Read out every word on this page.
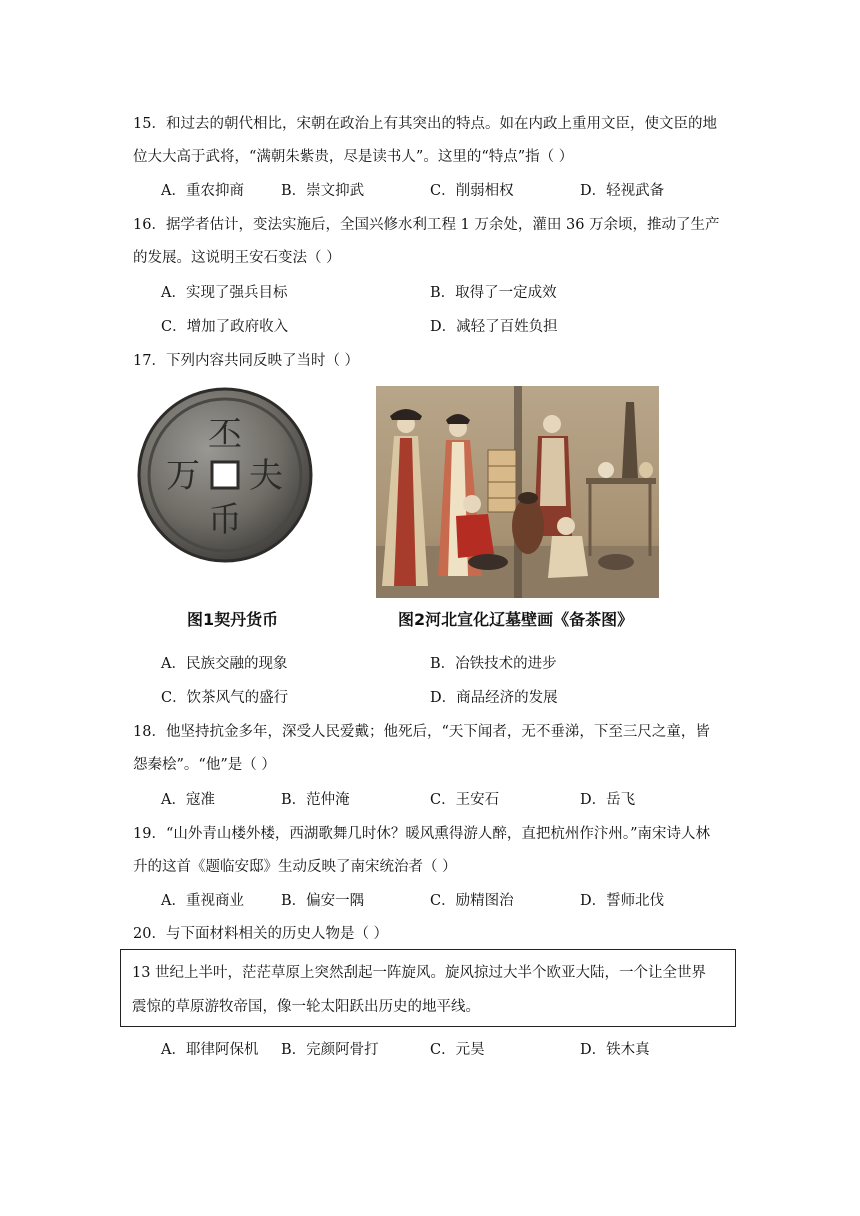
15．和过去的朝代相比，宋朝在政治上有其突出的特点。如在内政上重用文臣，使文臣的地
位大大高于武将，“满朝朱紫贵，尽是读书人”。这里的“特点”指（ ）
A．重农抑商	B．崇文抑武	C．削弱相权	D．轻视武备
16．据学者估计，变法实施后，全国兴修水利工程 1 万余处，灌田 36 万余顷，推动了生产
的发展。这说明王安石变法（ ）
A．实现了强兵目标	B．取得了一定成效
C．增加了政府收入	D．减轻了百姓负担
17．下列内容共同反映了当时（ ）
丕
夫
万
币
图1契丹货币	图2河北宣化辽墓壁画《备茶图》
A．民族交融的现象	B．冶铁技术的进步
C．饮茶风气的盛行	D．商品经济的发展
18．他坚持抗金多年，深受人民爱戴；他死后，“天下闻者，无不垂涕，下至三尺之童，皆
怨秦桧”。“他”是（ ）
A．寇准	B．范仲淹	C．王安石	D．岳飞
19．“山外青山楼外楼，西湖歌舞几时休？暖风熏得游人醉，直把杭州作汴州。”南宋诗人林
升的这首《题临安邸》生动反映了南宋统治者（ ）
A．重视商业	B．偏安一隅	C．励精图治	D．誓师北伐
20．与下面材料相关的历史人物是（ ）
13 世纪上半叶，茫茫草原上突然刮起一阵旋风。旋风掠过大半个欧亚大陆，一个让全世界
震惊的草原游牧帝国，像一轮太阳跃出历史的地平线。
A．耶律阿保机 B．完颜阿骨打	C．元昊	D．铁木真
